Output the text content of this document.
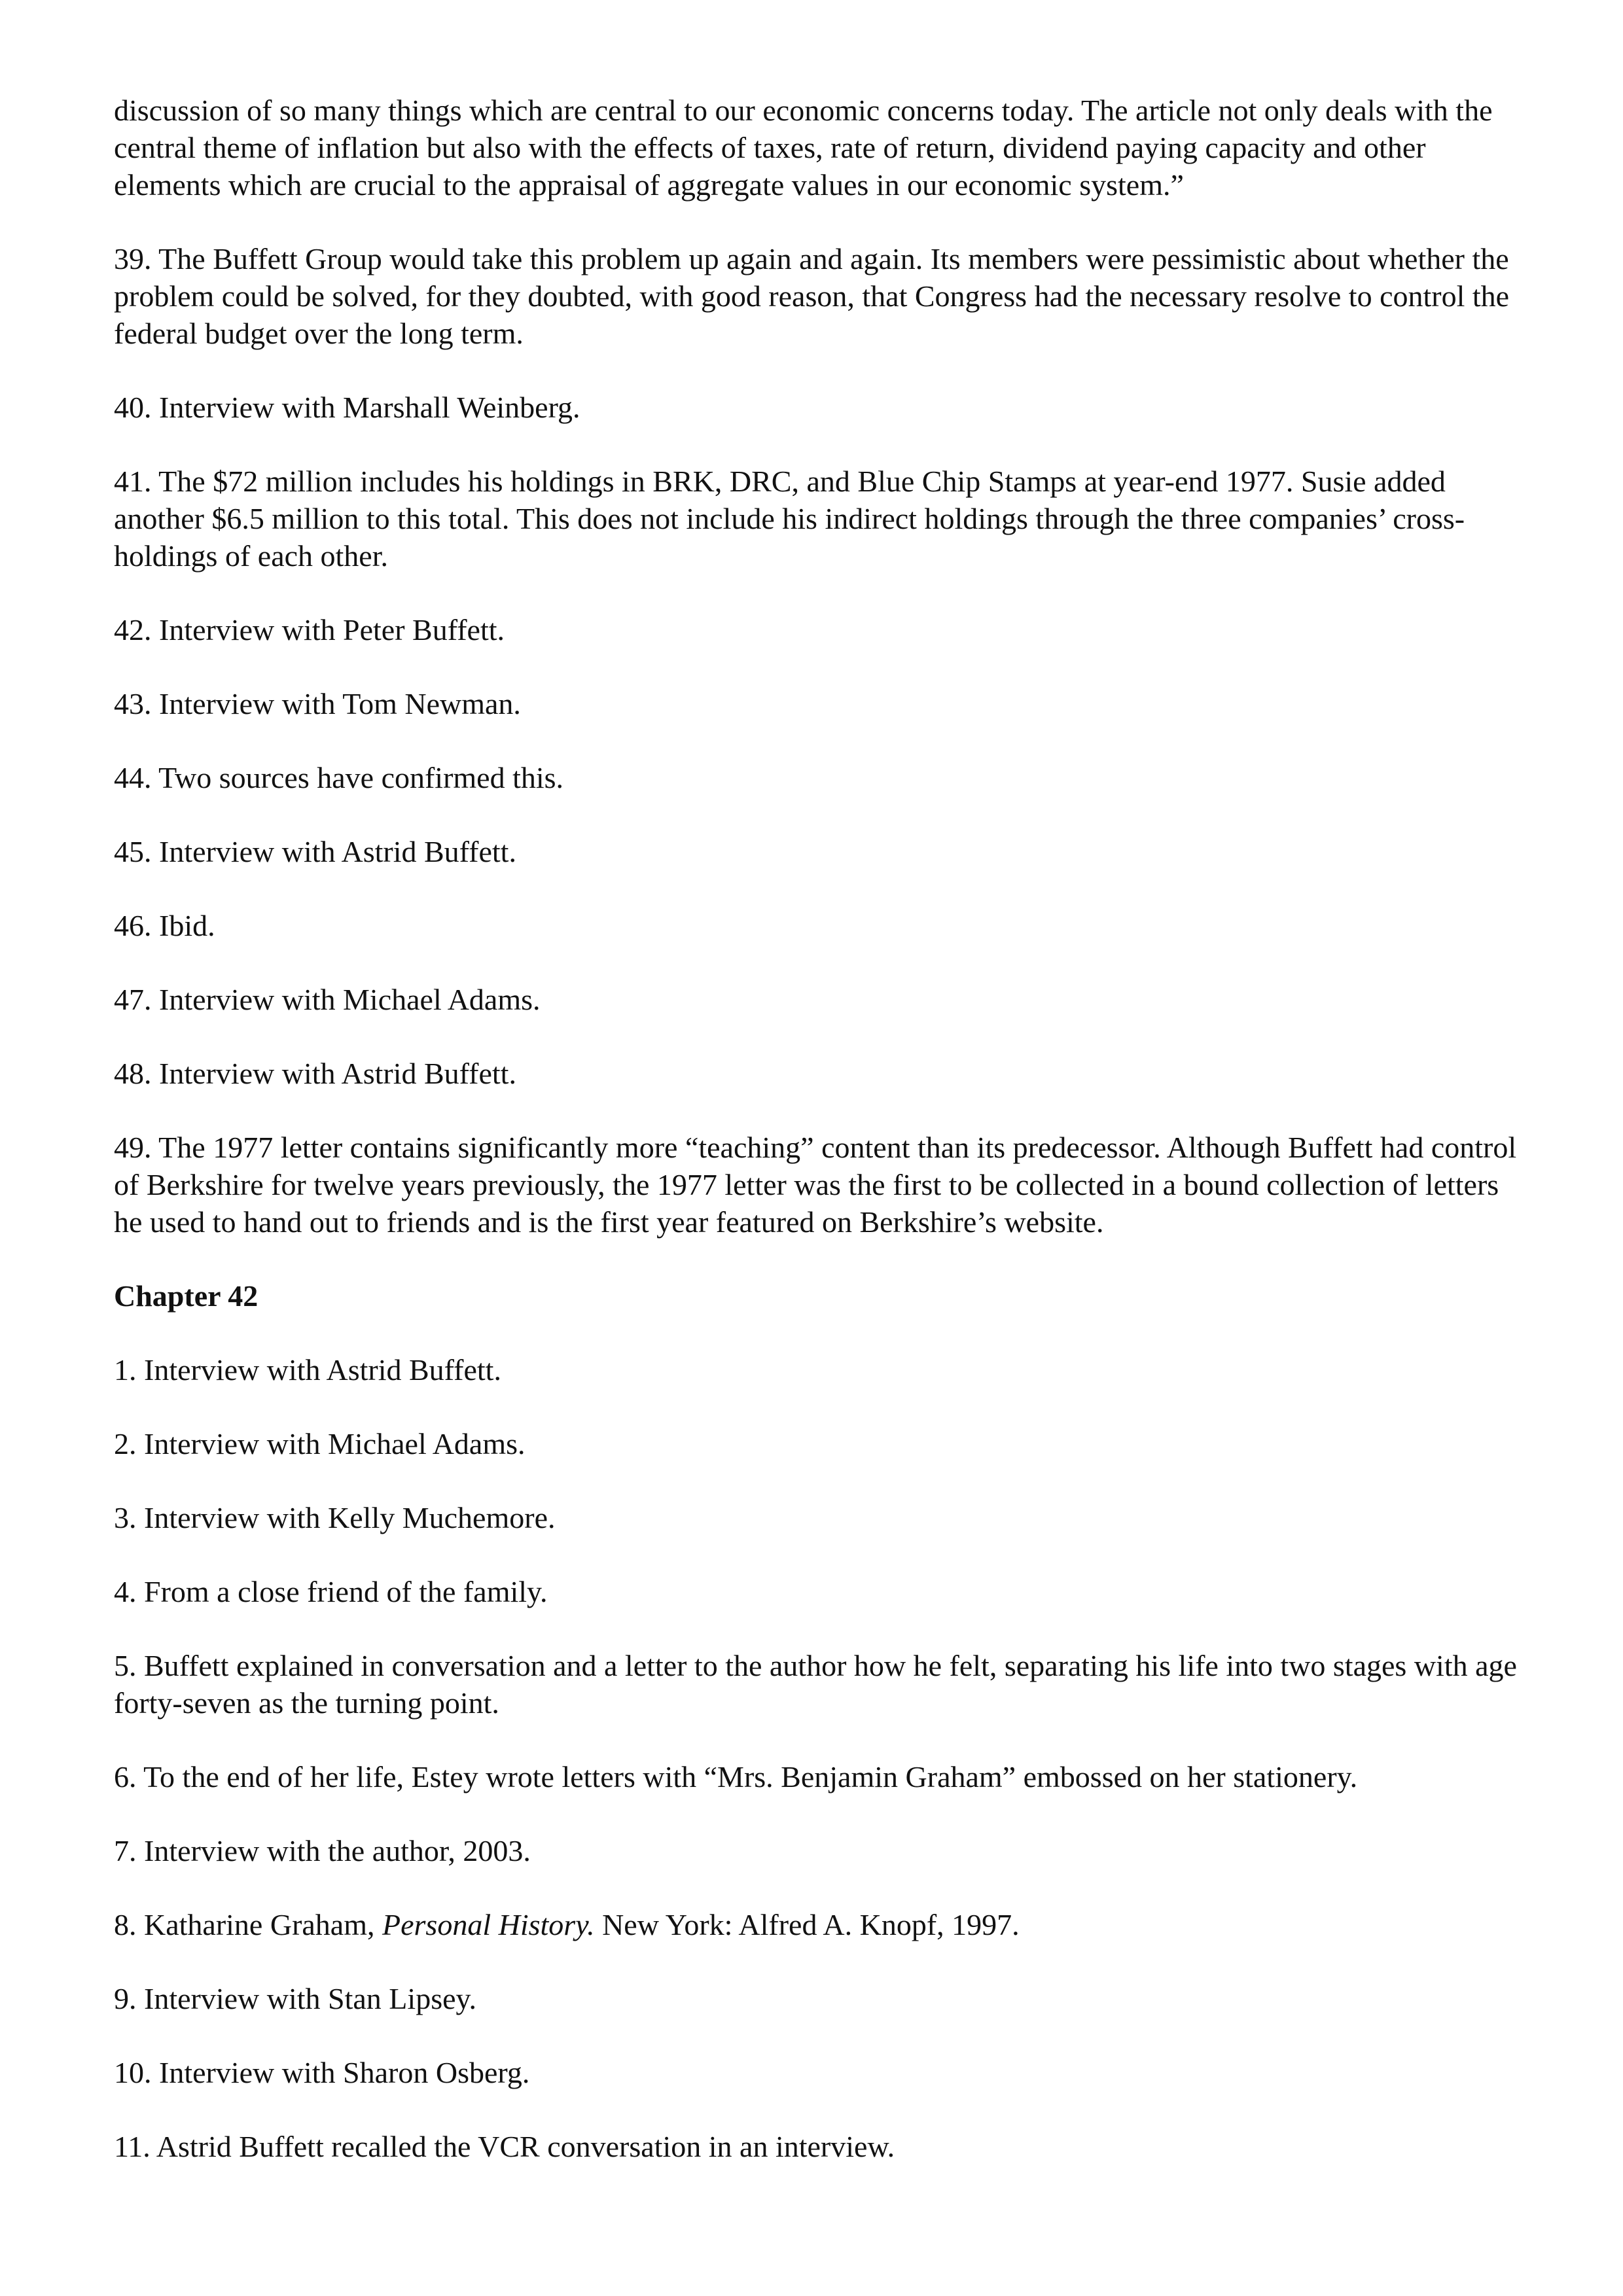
discussion of so many things which are central to our economic concerns today. The article not only deals with the central theme of inflation but also with the effects of taxes, rate of return, dividend paying capacity and other elements which are crucial to the appraisal of aggregate values in our economic system.”

39. The Buffett Group would take this problem up again and again. Its members were pessimistic about whether the problem could be solved, for they doubted, with good reason, that Congress had the necessary resolve to control the federal budget over the long term.

40. Interview with Marshall Weinberg.

41. The $72 million includes his holdings in BRK, DRC, and Blue Chip Stamps at year-end 1977. Susie added another $6.5 million to this total. This does not include his indirect holdings through the three companies’ cross-holdings of each other.

42. Interview with Peter Buffett.

43. Interview with Tom Newman.

44. Two sources have confirmed this.

45. Interview with Astrid Buffett.

46. Ibid.

47. Interview with Michael Adams.

48. Interview with Astrid Buffett.

49. The 1977 letter contains significantly more “teaching” content than its predecessor. Although Buffett had control of Berkshire for twelve years previously, the 1977 letter was the first to be collected in a bound collection of letters he used to hand out to friends and is the first year featured on Berkshire’s website.

Chapter 42

1. Interview with Astrid Buffett.

2. Interview with Michael Adams.

3. Interview with Kelly Muchemore.

4. From a close friend of the family.

5. Buffett explained in conversation and a letter to the author how he felt, separating his life into two stages with age forty-seven as the turning point.

6. To the end of her life, Estey wrote letters with “Mrs. Benjamin Graham” embossed on her stationery.

7. Interview with the author, 2003.

8. Katharine Graham, Personal History. New York: Alfred A. Knopf, 1997.

9. Interview with Stan Lipsey.

10. Interview with Sharon Osberg.

11. Astrid Buffett recalled the VCR conversation in an interview.
